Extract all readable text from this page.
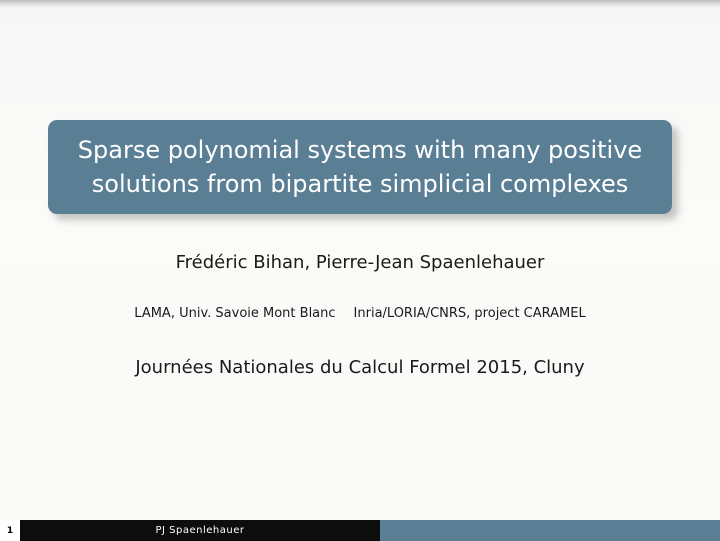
Sparse polynomial systems with many positive
solutions from bipartite simplicial complexes
Frédéric Bihan, Pierre-Jean Spaenlehauer
LAMA, Univ. Savoie Mont Blanc Inria/LORIA/CNRS, project CARAMEL
Journées Nationales du Calcul Formel 2015, Cluny
1	PJ Spaenlehauer
